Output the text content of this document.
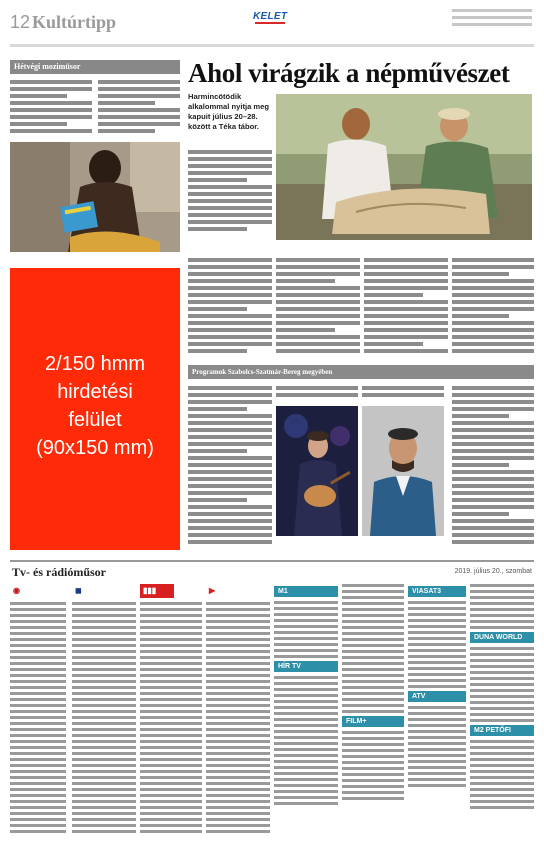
12 Kultúrtipp	KELET
Hétvégi mozimüsor
2/150 hmm
hirdetési
felület
(90x150 mm)
Ahol virágzik a népművészet
Harmincötödik alkalommal nyitja meg kapuit július 20–28. között a Téka tábor.
Programok Szabolcs-Szatmár-Bereg megyében
Tv- és rádióműsor	2019. július 20., szombat
◉	◼	▮▮▮	▶	M1
HÍR TV
FILM+
VIASAT3
ATV
DUNA WORLD
M2 PETŐFI
